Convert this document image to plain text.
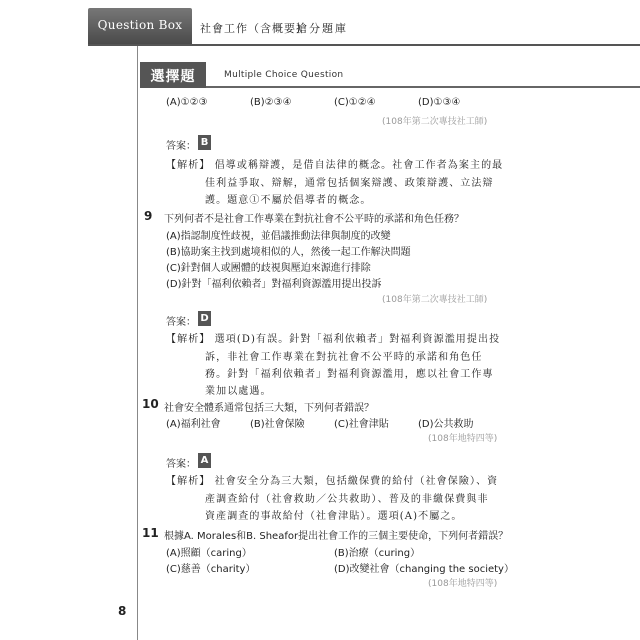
Question Box	社會工作（含概要）
搶分題庫
選擇題	Multiple Choice Question
(A)①②③	(B)②③④	(C)①②④	(D)①③④
(108年第二次專技社工師)
答案： B
【解析】 倡導或稱辯護，是借自法律的概念。社會工作者為案主的最
佳利益爭取、辯解，通常包括個案辯護、政策辯護、立法辯
護。題意①不屬於倡導者的概念。
9 下列何者不是社會工作專業在對抗社會不公平時的承諾和角色任務？
(A)指認制度性歧視，並倡議推動法律與制度的改變
(B)協助案主找到處境相似的人，然後一起工作解決問題
(C)針對個人或團體的歧視與壓迫來源進行排除
(D)針對「福利依賴者」對福利資源濫用提出投訴
(108年第二次專技社工師)
答案： D
【解析】 選項(D)有誤。針對「福利依賴者」對福利資源濫用提出投
訴，非社會工作專業在對抗社會不公平時的承諾和角色任
務。針對「福利依賴者」對福利資源濫用，應以社會工作專
業加以處遇。
10 社會安全體系通常包括三大類，下列何者錯誤？
(A)福利社會	(B)社會保險	(C)社會津貼	(D)公共救助
(108年地特四等)
答案： A
【解析】 社會安全分為三大類，包括繳保費的給付（社會保險）、資
產調查給付（社會救助／公共救助）、普及的非繳保費與非
資產調查的事故給付（社會津貼）。選項(A)不屬之。
11 根據A. Morales和B. Sheafor提出社會工作的三個主要使命，下列何者錯誤？
(A)照顧（caring）	(B)治療（curing）
(C)慈善（charity）	(D)改變社會（changing the society）
(108年地特四等)
8
